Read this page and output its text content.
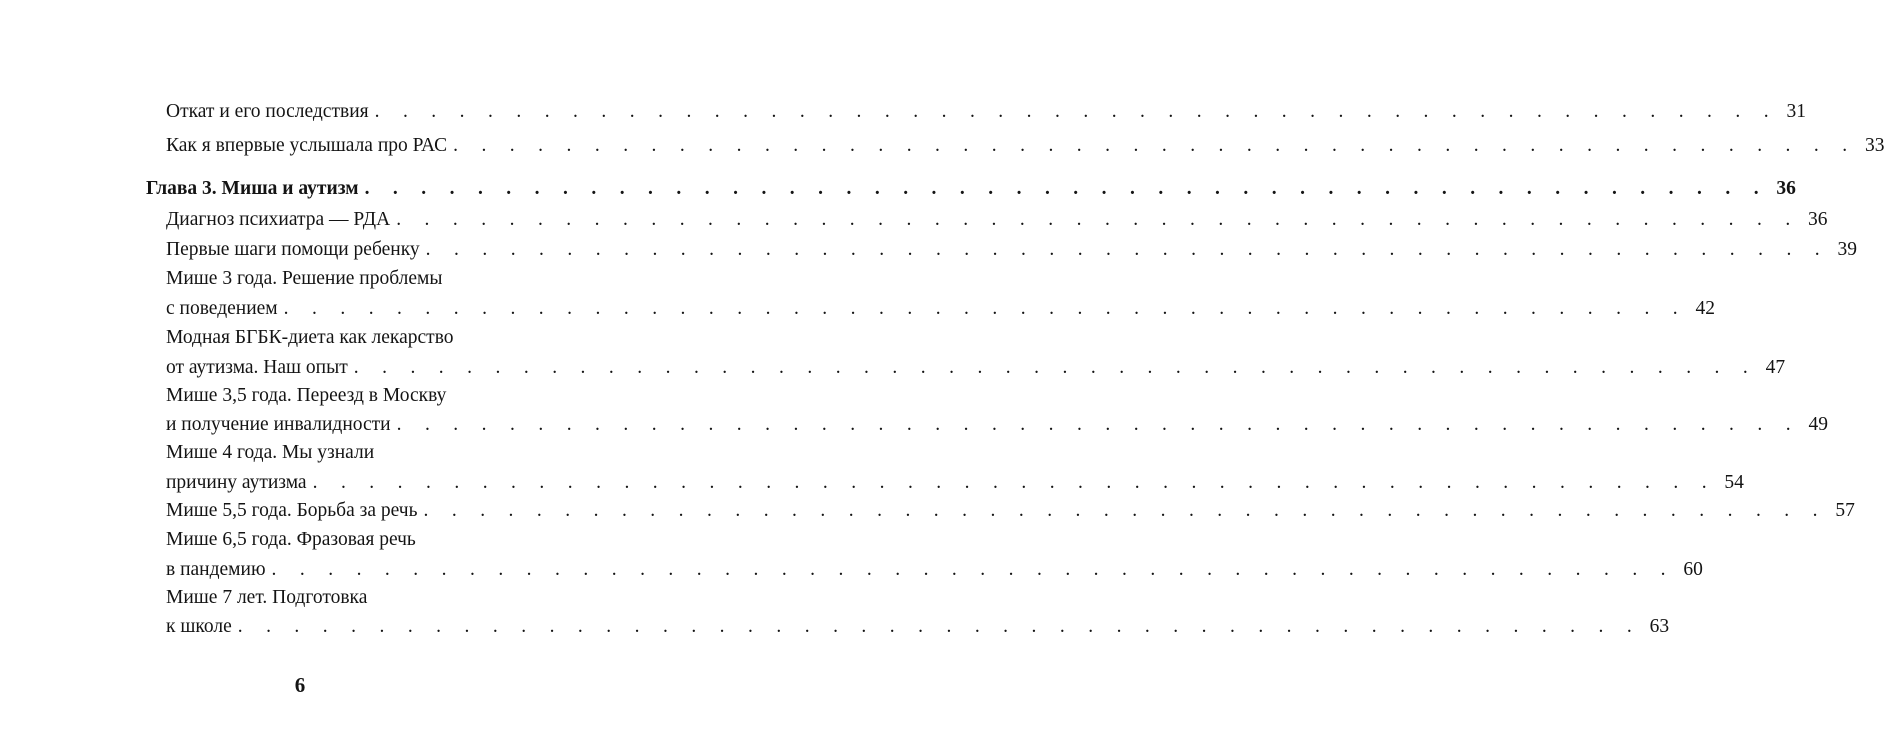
Откат и его последствия . . . . . . . . . . . . . . . . . . . . . . . . . . . . . . . . . . . . . . . . . . . . . . . . . . 31
Как я впервые услышала про РАС . . . . . . . . . . . . . . . . . . . . . . . . . . . . . . . . . . . . . . . . . . . . . . . . . . 33
Глава 3. Миша и аутизм . . . . . . . . . . . . . . . . . . . . . . . . . . . . . . . . . . . . . . . . . . . . . . . . . . 36
Диагноз психиатра — РДА . . . . . . . . . . . . . . . . . . . . . . . . . . . . . . . . . . . . . . . . . . . . . . . . . . 36
Первые шаги помощи ребенку . . . . . . . . . . . . . . . . . . . . . . . . . . . . . . . . . . . . . . . . . . . . . . . . . . 39
Мише 3 года. Решение проблемы
с поведением . . . . . . . . . . . . . . . . . . . . . . . . . . . . . . . . . . . . . . . . . . . . . . . . . . 42
Модная БГБК-диета как лекарство
от аутизма. Наш опыт . . . . . . . . . . . . . . . . . . . . . . . . . . . . . . . . . . . . . . . . . . . . . . . . . . 47
Мише 3,5 года. Переезд в Москву
и получение инвалидности . . . . . . . . . . . . . . . . . . . . . . . . . . . . . . . . . . . . . . . . . . . . . . . . . . 49
Мише 4 года. Мы узнали
причину аутизма . . . . . . . . . . . . . . . . . . . . . . . . . . . . . . . . . . . . . . . . . . . . . . . . . . 54
Мише 5,5 года. Борьба за речь . . . . . . . . . . . . . . . . . . . . . . . . . . . . . . . . . . . . . . . . . . . . . . . . . . 57
Мише 6,5 года. Фразовая речь
в пандемию . . . . . . . . . . . . . . . . . . . . . . . . . . . . . . . . . . . . . . . . . . . . . . . . . . 60
Мише 7 лет. Подготовка
к школе . . . . . . . . . . . . . . . . . . . . . . . . . . . . . . . . . . . . . . . . . . . . . . . . . . 63
6
